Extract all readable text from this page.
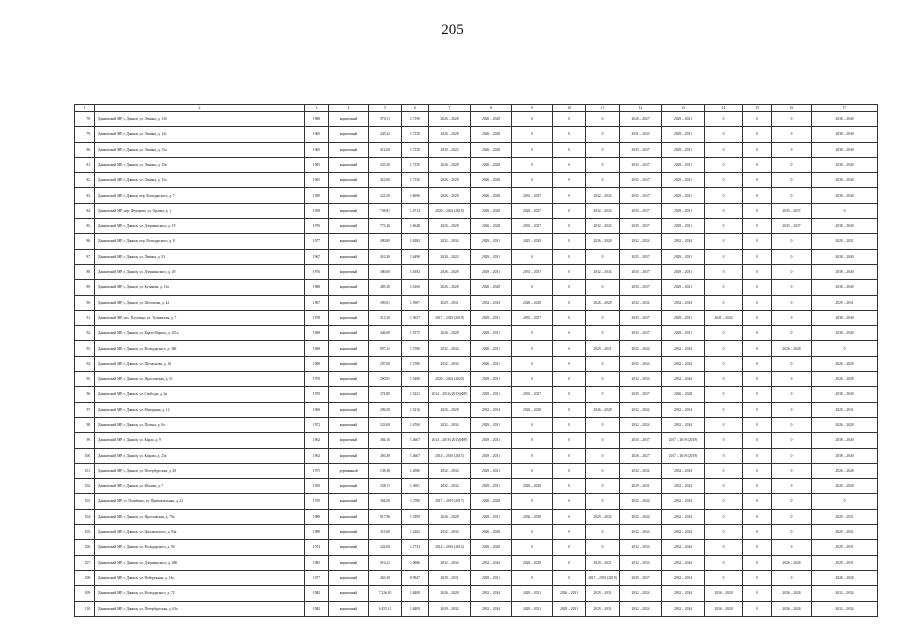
205
1	2	3	4	5	6	7	8	9	10	11	12	13	14	15	16	17
78.	Данковский МР, г. Данков, ул. Ленина, д. 13б	1968	кирпичный	970,11	1.7190	2026 – 2028	2026 – 2028	0	0	0	2026 – 2027	2029 – 2031	0	0	0	2038 – 2040
79.	Данковский МР, г. Данков, ул. Ленина, д. 14г	1965	кирпичный	445,32	1.7150	2026 – 2028	2026 – 2028	0	0	0	2031 – 2033	2029 – 2031	0	0	0	2038 – 2040
80.	Данковский МР, г. Данков, ул. Ленина, д. 15а	1965	кирпичный	412,00	1.7150	2020 – 2022	2026 – 2028	0	0	0	2035 – 2037	2029 – 2031	0	0	0	2038 – 2040
81.	Данковский МР, г. Данков, ул. Ленина, д. 15в	1965	кирпичный	435,30	1.7150	2026 – 2028	2026 – 2028	0	0	0	2035 – 2037	2029 – 2031	0	0	0	2038 – 2040
82.	Данковский МР, г. Данков, ул. Ленина, д. 15а	1965	кирпичный	410,00	1.7150	2026 – 2028	2026 – 2028	0	0	0	2035 – 2037	2029 – 2031	0	0	0	2038 – 2040
83.	Данковский МР, г. Данков, пер. Володарского, д. 7	1930	кирпичный	321,50	1.6696	2026 – 2028	2026 – 2028	2035 – 2037	0	2032 – 2034	2035 – 2037	2029 – 2031	0	0	0	2038 – 2040
84.	Данковский МР, пер. Федорова, ул. Орлова, д. 1	1938	кирпичный	738,81	1.6714	2020 – 2022 (2018)	2026 – 2028	2026 – 2027	0	2032 – 2034	2035 – 2037	2029 – 2031	0	0	2035 – 2037	0
85.	Данковский МР, г. Данков, ул. Дзержинского, д. 18	1976	кирпичный	773,26	1.6648	2026 – 2028	2026 – 2028	2035 – 2037	0	2032 – 2034	2035 – 2037	2029 – 2031	0	0	2035 – 2037	2038 – 2040
86.	Данковский МР, г. Данков, пер. Володарского, д. 8	1977	кирпичный	490,80	1.6582	2032 – 2034	2029 – 2031	2025 – 2029	0	2026 – 2028	2032 – 2034	2032 – 2034	0	0	0	2029 – 2031
87.	Данковский МР, г. Данков, ул. Ленина, д. 53	1967	кирпичный	410,30	1.6498	2020 – 2022	2029 – 2031	0	0	0	2035 – 2037	2029 – 2031	0	0	0	2038 – 2040
88.	Данковский МР, г. Данков, ул. Дзержинского, д. 49	1976	кирпичный	380,60	1.6392	2026 – 2028	2029 – 2031	2035 – 2037	0	2032 – 2034	2035 – 2037	2029 – 2031	0	0	0	2038 – 2040
89.	Данковский МР, г. Данков, ул. Кутякова, д. 13а	1968	кирпичный	485,30	1.6160	2026 – 2028	2026 – 2028	0	0	0	2035 – 2037	2029 – 2031	0	0	0	2038 – 2040
90.	Данковский МР, г. Данков, ул. Шолохова, д. 42	1967	кирпичный	309,01	1.5907	2029 – 2031	2032 – 2034	2026 – 2028	0	2026 – 2028	2032 – 2034	2032 – 2034	0	0	0	2029 – 2031
91.	Данковский МР, пос. Плугищи, ул. Тушинская, д. 7	1978	кирпичный	313,50	1.5637	2017 – 2019 (2019)	2029 – 2031	2035 – 2037	0	0	2035 – 2037	2029 – 2031	2041 – 2043	0	0	2038 – 2040
92.	Данковский МР, г. Данков, ул. Карла Маркса, д. 101а	1968	кирпичный	446,00	1.5575	2026 – 2028	2029 – 2031	0	0	0	2035 – 2037	2029 – 2031	0	0	0	2038 – 2040
93.	Данковский МР, г. Данков, ул. Володарского, д. 38б	1968	кирпичный	897,21	1.5786	2032 – 2034	2026 – 2031	0	0	2029 – 2031	2032 – 2034	2032 – 2034	0	0	2026 – 2028	0
94.	Данковский МР, г. Данков, ул. Щелкунова, д. 16	1968	кирпичный	297,00	1.5780	2032 – 2034	2026 – 2031	0	0	0	2035 – 2034	2032 – 2034	0	0	0	2026 – 2028
95.	Данковский МР, г. Данков, ул. Ярославская, д. 51	1970	кирпичный	290,81	1.5480	2020 – 2022 (2020)	2029 – 2031	0	0	0	2032 – 2034	2032 – 2034	0	0	0	2026 – 2028
96.	Данковский МР, г. Данков, ул. Свободы, д. 2в	1970	кирпичный	374,80	1.5221	2014 – 2016 (2015)(ФР)	2029 – 2031	2035 – 2037	0	0	2035 – 2037	2026 – 2028	0	0	0	2038 – 2040
97.	Данковский МР, г. Данков, ул. Мичурина, д. 14	1969	кирпичный	296,50	1.5216	2026 – 2028	2032 – 2034	2026 – 2028	0	2026 – 2028	2032 – 2034	2032 – 2034	0	0	0	2029 – 2031
98.	Данковский МР, г. Данков, ул. Пугина, д. 8а	1972	кирпичный	523,00	1.4760	2032 – 2034	2029 – 2031	0	0	0	2032 – 2034	2032 – 2034	0	0	0	2026 – 2028
99.	Данковский МР, г. Данков, ул. Карла, д. 9	1962	кирпичный	384,16	1.4667	2014 – 2016 (2015)(ФР)	2029 – 2031	0	0	0	2035 – 2037	2017 – 2019 (2019)	0	0	0	2038 – 2040
100.	Данковский МР, г. Данков, ул. Кирова, д. 23а	1962	кирпичный	450,38	1.4667	2014 – 2016 (2015)	2029 – 2031	0	0	0	2026 – 2027	2017 – 2019 (2019)	0	0	0	2038 – 2040
101.	Данковский МР, г. Данков, ул. Петербургская, д. 28	1975	деревянный	138,38	1.4580	2032 – 2034	2029 – 2031	0	0	0	2032 – 2034	2032 – 2034	0	0	0	2026 – 2028
102.	Данковский МР, г. Данков, ул. Южная, д. 7	1930	кирпичный	238,11	1.3601	2032 – 2034	2029 – 2031	2026 – 2028	0	0	2029 – 2031	2032 – 2034	0	0	0	2026 – 2028
103.	Данковский МР, ст. Полибино, ул. Привокзальная, д. 22	1970	кирпичный	364,00	1.3780	2017 – 2019 (2017)	2026 – 2028	0	0	0	2032 – 2034	2032 – 2034	0	0	0	0
104.	Данковский МР, г. Данков, ул. Ярославская, д. 79а	1989	кирпичный	817,98	1.3399	2026 – 2028	2029 – 2031	2036 – 2038	0	2029 – 2032	2032 – 2034	2032 – 2034	0	0	0	2029 – 2031
105.	Данковский МР, г. Данков, ул. Циолковского, д. 84а	1989	кирпичный	315,00	1.2262	2032 – 2034	2026 – 2028	0	0	0	2032 – 2034	2032 – 2034	0	0	0	2029 – 2031
106.	Данковский МР, г. Данков, ул. Володарского, д. 90	1974	кирпичный	322,00	1.1733	2014 – 2016 (2014)	2026 – 2028	0	0	0	2032 – 2034	2032 – 2034	0	0	0	2029 – 2031
107.	Данковский МР, г. Данков, ул. Дзержинского, д. 48б	1983	кирпичный	916,21	1.0686	2032 – 2034	2032 – 2034	2026 – 2028	0	2029 – 2031	2032 – 2034	2032 – 2034	0	0	2026 – 2028	2029 – 2031
108.	Данковский МР, г. Данков, ул. Набережная, д. 14а	1977	кирпичный	463,50	0.9947	2029 – 2031	2029 – 2031	0	0	2017 – 2019 (2019)	2035 – 2037	2032 – 2034	0	0	0	2026 – 2028
109.	Данковский МР, г. Данков, ул. Володарского, д. 72	1982	кирпичный	7 226,10	1.8408	2026 – 2028	2032 – 2034	2029 – 2031	2026 – 2031	2029 – 2031	2032 – 2034	2032 – 2034	2026 – 2028	0	2026 – 2028	2032 – 2034
110.	Данковский МР, г. Данков, ул. Петербургская, д. 63а	1982	кирпичный	6 455,11	1.8409	2029 – 2032	2032 – 2034	2029 – 2031	2029 – 2031	2029 – 2031	2032 – 2034	2032 – 2034	2026 – 2028	0	2026 – 2028	2032 – 2034
